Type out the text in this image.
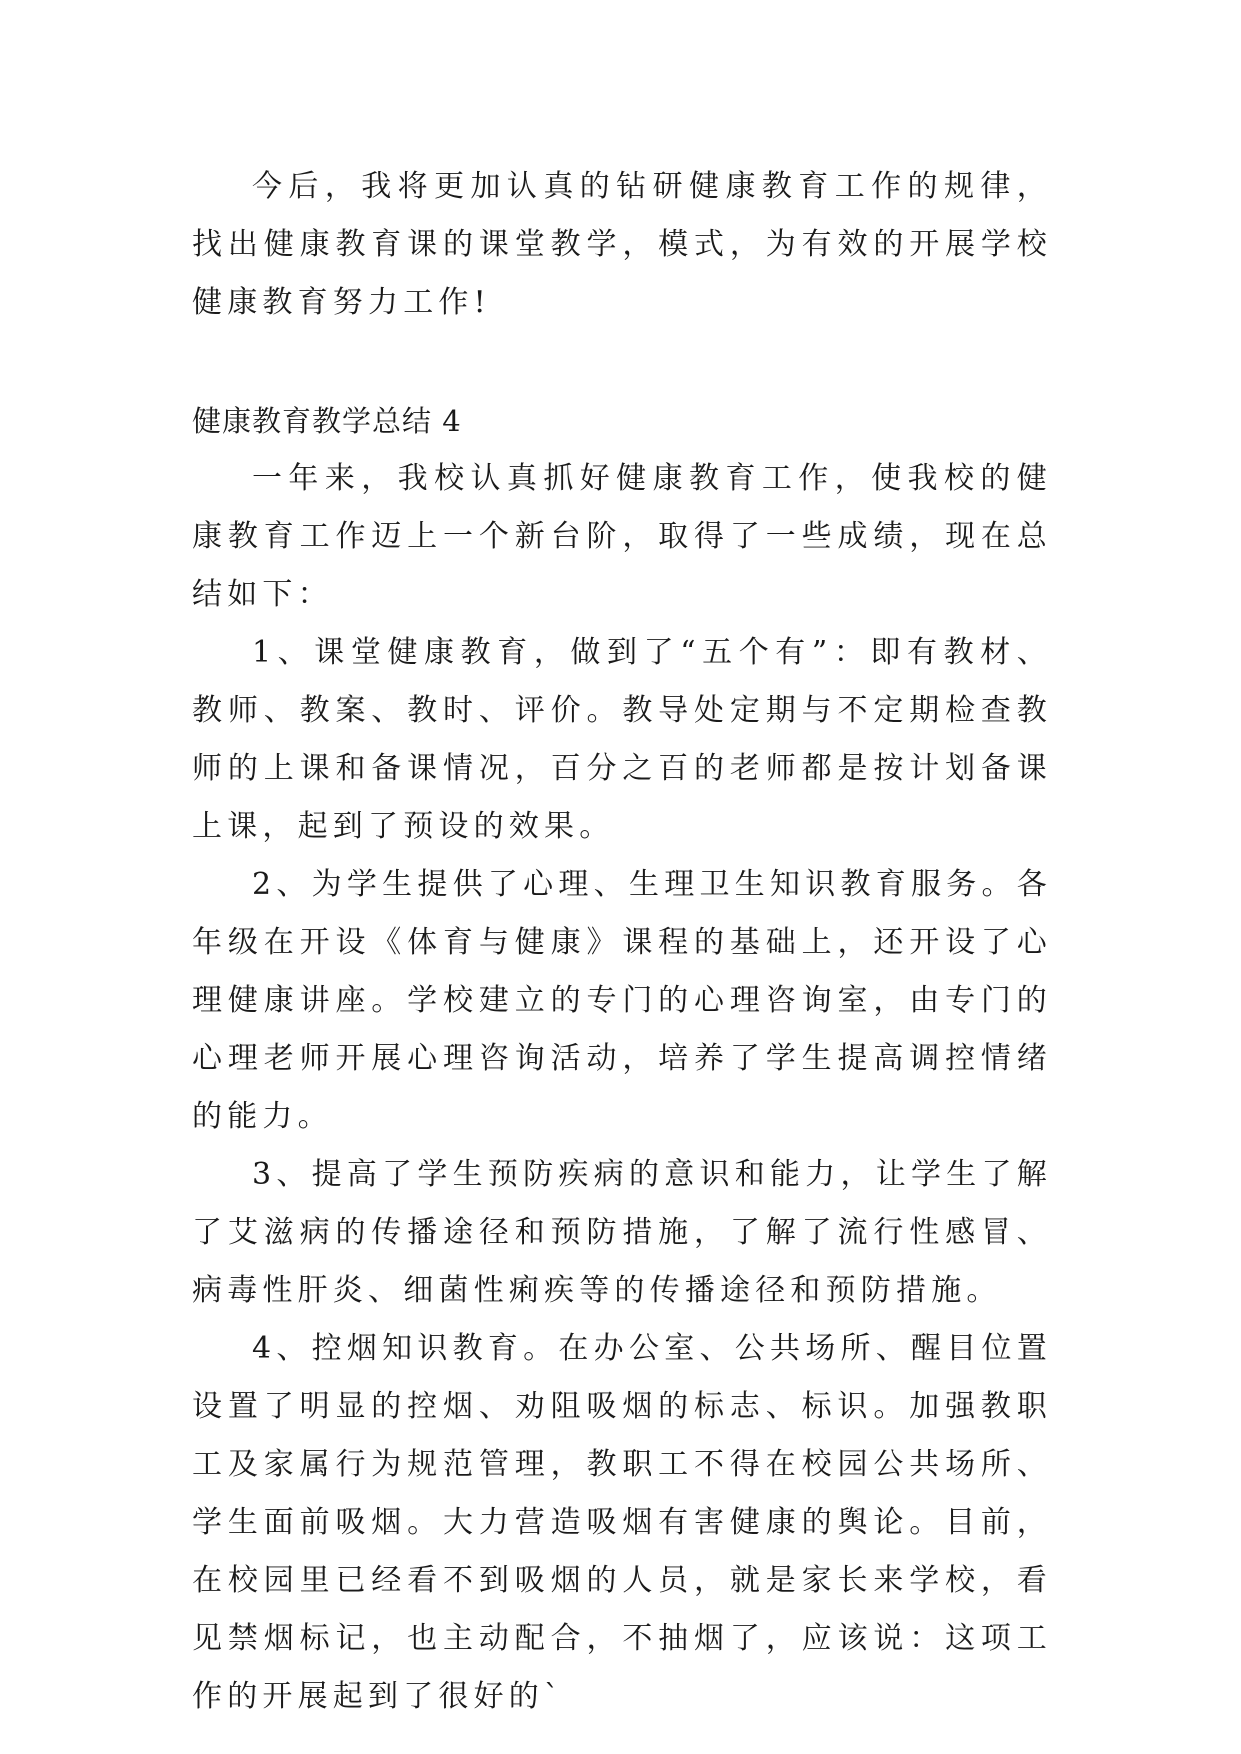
今后，我将更加认真的钻研健康教育工作的规律，找出健康教育课的课堂教学，模式，为有效的开展学校健康教育努力工作!

健康教育教学总结 4

一年来，我校认真抓好健康教育工作，使我校的健康教育工作迈上一个新台阶，取得了一些成绩，现在总结如下：

1、课堂健康教育，做到了“五个有”：即有教材、教师、教案、教时、评价。教导处定期与不定期检查教师的上课和备课情况，百分之百的老师都是按计划备课上课，起到了预设的效果。

2、为学生提供了心理、生理卫生知识教育服务。各年级在开设《体育与健康》课程的基础上，还开设了心理健康讲座。学校建立的专门的心理咨询室，由专门的心理老师开展心理咨询活动，培养了学生提高调控情绪的能力。

3、提高了学生预防疾病的意识和能力，让学生了解了艾滋病的传播途径和预防措施，了解了流行性感冒、病毒性肝炎、细菌性痢疾等的传播途径和预防措施。

4、控烟知识教育。在办公室、公共场所、醒目位置设置了明显的控烟、劝阻吸烟的标志、标识。加强教职工及家属行为规范管理，教职工不得在校园公共场所、学生面前吸烟。大力营造吸烟有害健康的舆论。目前，在校园里已经看不到吸烟的人员，就是家长来学校，看见禁烟标记，也主动配合，不抽烟了，应该说：这项工作的开展起到了很好的`
